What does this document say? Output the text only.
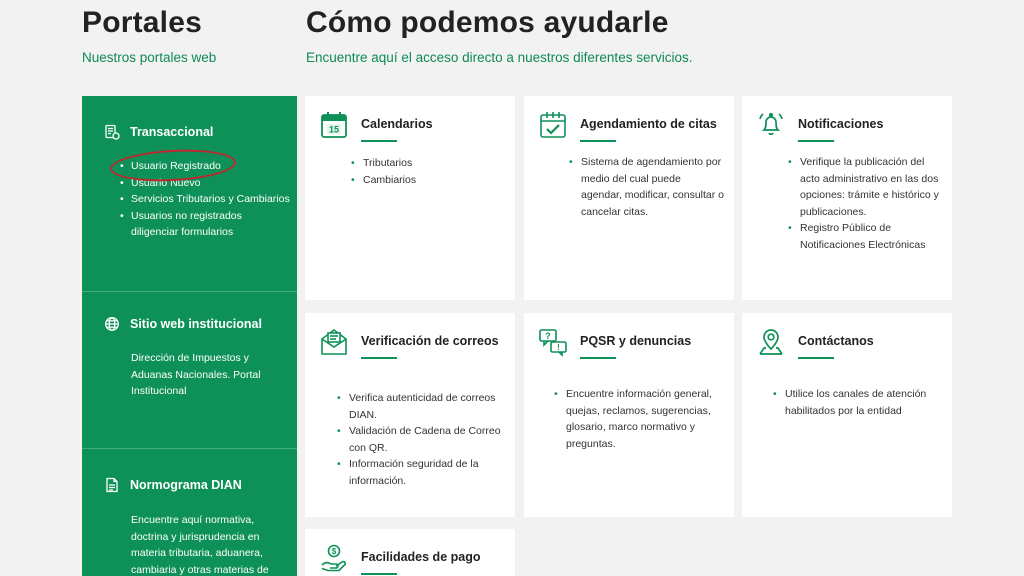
Portales
Nuestros portales web
Cómo podemos ayudarle
Encuentre aquí el acceso directo a nuestros diferentes servicios.
Transaccional
• Usuario Registrado
• Usuario Nuevo
• Servicios Tributarios y Cambiarios
• Usuarios no registrados diligenciar formularios
Sitio web institucional
Dirección de Impuestos y Aduanas Nacionales. Portal Institucional
Normograma DIAN
Encuentre aquí normativa, doctrina y jurisprudencia en materia tributaria, aduanera, cambiaria y otras materias de
15 Calendarios
• Tributarios
• Cambiarios
Agendamiento de citas
• Sistema de agendamiento por medio del cual puede agendar, modificar, consultar o cancelar citas.
Notificaciones
• Verifique la publicación del acto administrativo en las dos opciones: trámite e histórico y publicaciones.
• Registro Público de Notificaciones Electrónicas
Verificación de correos
• Verifica autenticidad de correos DIAN.
• Validación de Cadena de Correo con QR.
• Información seguridad de la información.
?
! PQSR y denuncias
• Encuentre información general, quejas, reclamos, sugerencias, glosario, marco normativo y preguntas.
Contáctanos
• Utilice los canales de atención habilitados por la entidad
$ Facilidades de pago
